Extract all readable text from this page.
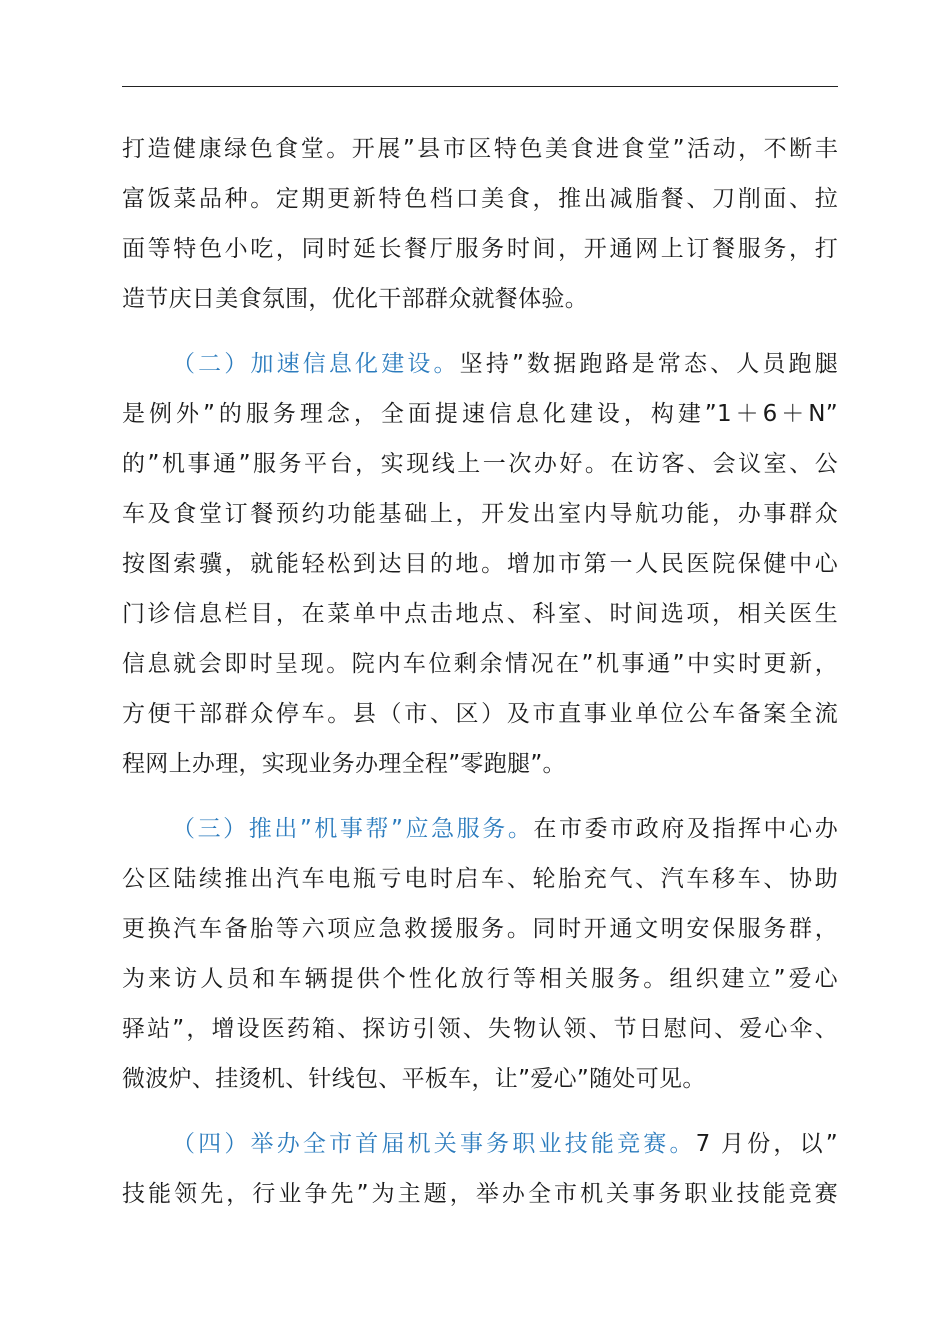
打造健康绿色食堂。开展”县市区特色美食进食堂”活动，不断丰
富饭菜品种。定期更新特色档口美食，推出减脂餐、刀削面、拉
面等特色小吃，同时延长餐厅服务时间，开通网上订餐服务，打
造节庆日美食氛围，优化干部群众就餐体验。
（二）加速信息化建设。坚持”数据跑路是常态、人员跑腿
是例外”的服务理念，全面提速信息化建设，构建”1＋6＋N”
的”机事通”服务平台，实现线上一次办好。在访客、会议室、公
车及食堂订餐预约功能基础上，开发出室内导航功能，办事群众
按图索骥，就能轻松到达目的地。增加市第一人民医院保健中心
门诊信息栏目，在菜单中点击地点、科室、时间选项，相关医生
信息就会即时呈现。院内车位剩余情况在”机事通”中实时更新，
方便干部群众停车。县（市、区）及市直事业单位公车备案全流
程网上办理，实现业务办理全程”零跑腿”。
（三）推出”机事帮”应急服务。在市委市政府及指挥中心办
公区陆续推出汽车电瓶亏电时启车、轮胎充气、汽车移车、协助
更换汽车备胎等六项应急救援服务。同时开通文明安保服务群，
为来访人员和车辆提供个性化放行等相关服务。组织建立”爱心
驿站”，增设医药箱、探访引领、失物认领、节日慰问、爱心伞、
微波炉、挂烫机、针线包、平板车，让”爱心”随处可见。
（四）举办全市首届机关事务职业技能竞赛。7 月份，以”
技能领先，行业争先”为主题，举办全市机关事务职业技能竞赛
